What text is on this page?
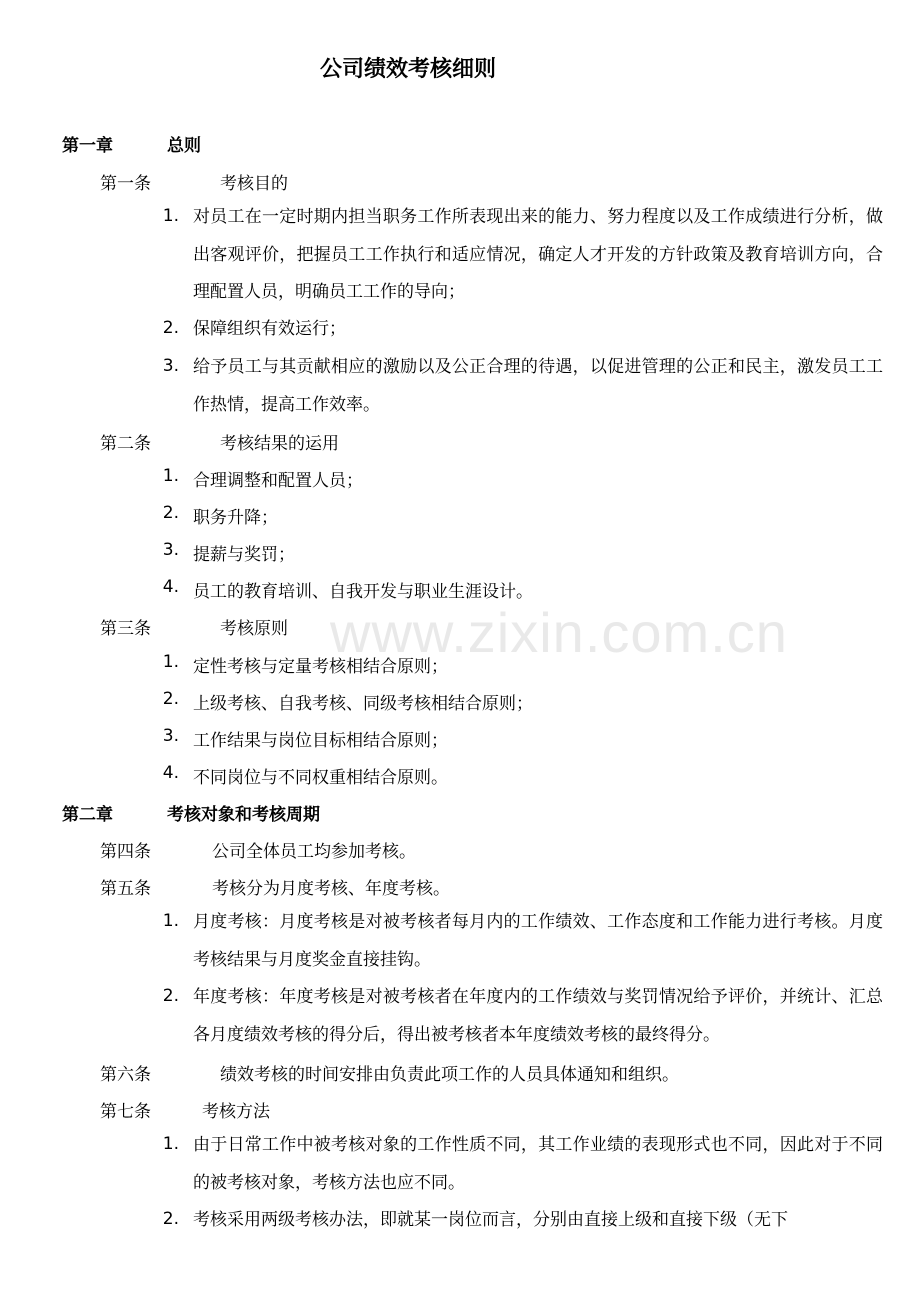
www.zixin.com.cn
公司绩效考核细则
第一章	总则
第一条	考核目的
1. 对员工在一定时期内担当职务工作所表现出来的能力、努力程度以及工作成绩进行分析，做出客观评价，把握员工工作执行和适应情况，确定人才开发的方针政策及教育培训方向，合理配置人员，明确员工工作的导向；
2. 保障组织有效运行；
3. 给予员工与其贡献相应的激励以及公正合理的待遇，以促进管理的公正和民主，激发员工工作热情，提高工作效率。
第二条	考核结果的运用
1. 合理调整和配置人员；
2. 职务升降；
3. 提薪与奖罚；
4. 员工的教育培训、自我开发与职业生涯设计。
第三条	考核原则
1. 定性考核与定量考核相结合原则；
2. 上级考核、自我考核、同级考核相结合原则；
3. 工作结果与岗位目标相结合原则；
4. 不同岗位与不同权重相结合原则。
第二章	考核对象和考核周期
第四条	公司全体员工均参加考核。
第五条	考核分为月度考核、年度考核。
1. 月度考核：月度考核是对被考核者每月内的工作绩效、工作态度和工作能力进行考核。月度考核结果与月度奖金直接挂钩。
2. 年度考核：年度考核是对被考核者在年度内的工作绩效与奖罚情况给予评价，并统计、汇总各月度绩效考核的得分后，得出被考核者本年度绩效考核的最终得分。
第六条	绩效考核的时间安排由负责此项工作的人员具体通知和组织。
第七条	考核方法
1. 由于日常工作中被考核对象的工作性质不同，其工作业绩的表现形式也不同，因此对于不同的被考核对象，考核方法也应不同。
2. 考核采用两级考核办法，即就某一岗位而言，分别由直接上级和直接下级（无下
